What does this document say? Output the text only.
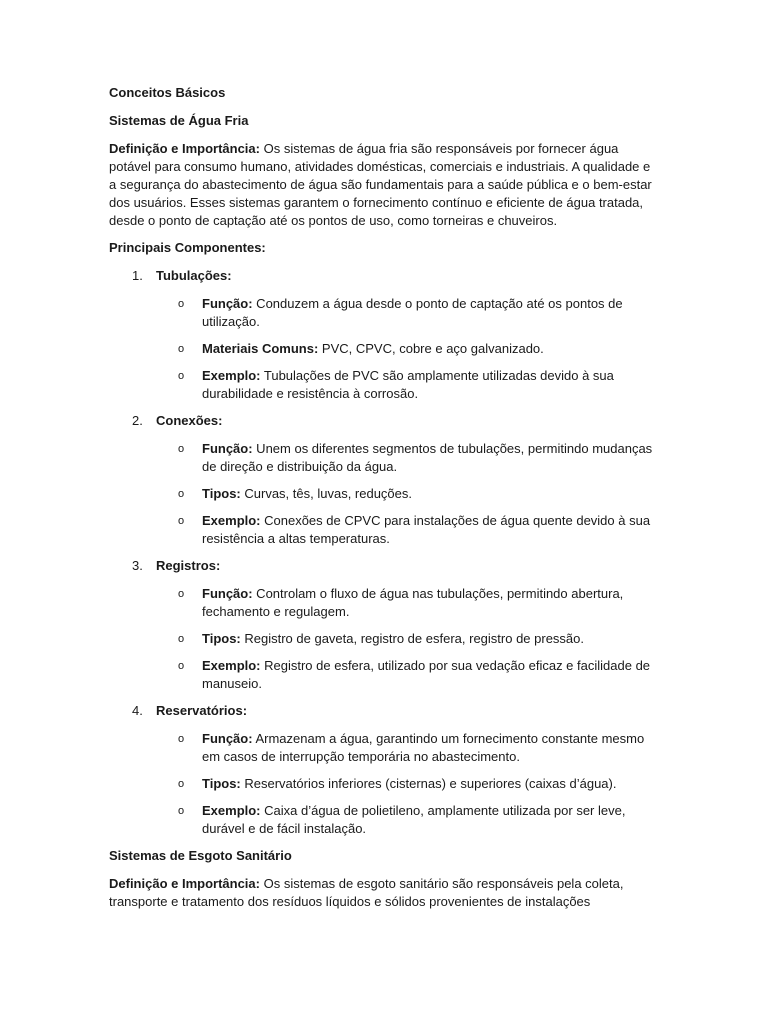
Conceitos Básicos

Sistemas de Água Fria

Definição e Importância: Os sistemas de água fria são responsáveis por fornecer água potável para consumo humano, atividades domésticas, comerciais e industriais. A qualidade e a segurança do abastecimento de água são fundamentais para a saúde pública e o bem-estar dos usuários. Esses sistemas garantem o fornecimento contínuo e eficiente de água tratada, desde o ponto de captação até os pontos de uso, como torneiras e chuveiros.

Principais Componentes:

1. Tubulações:

o Função: Conduzem a água desde o ponto de captação até os pontos de utilização.

o Materiais Comuns: PVC, CPVC, cobre e aço galvanizado.

o Exemplo: Tubulações de PVC são amplamente utilizadas devido à sua durabilidade e resistência à corrosão.

2. Conexões:

o Função: Unem os diferentes segmentos de tubulações, permitindo mudanças de direção e distribuição da água.

o Tipos: Curvas, tês, luvas, reduções.

o Exemplo: Conexões de CPVC para instalações de água quente devido à sua resistência a altas temperaturas.

3. Registros:

o Função: Controlam o fluxo de água nas tubulações, permitindo abertura, fechamento e regulagem.

o Tipos: Registro de gaveta, registro de esfera, registro de pressão.

o Exemplo: Registro de esfera, utilizado por sua vedação eficaz e facilidade de manuseio.

4. Reservatórios:

o Função: Armazenam a água, garantindo um fornecimento constante mesmo em casos de interrupção temporária no abastecimento.

o Tipos: Reservatórios inferiores (cisternas) e superiores (caixas d’água).

o Exemplo: Caixa d’água de polietileno, amplamente utilizada por ser leve, durável e de fácil instalação.

Sistemas de Esgoto Sanitário

Definição e Importância: Os sistemas de esgoto sanitário são responsáveis pela coleta, transporte e tratamento dos resíduos líquidos e sólidos provenientes de instalações
